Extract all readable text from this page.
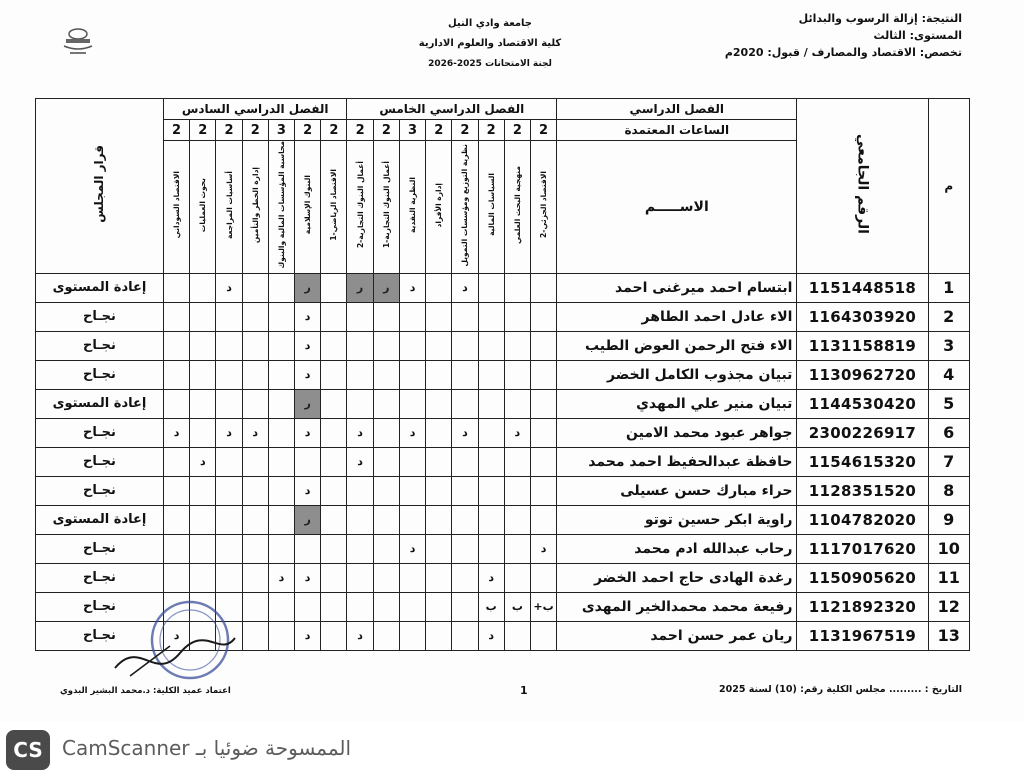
النتيجة: إزالة الرسوب والبدائل
المستوى: الثالث
تخصص: الاقتصاد والمصارف / قبول: 2020م
جامعة وادي النيل
كلية الاقتصاد والعلوم الادارية
لجنة الامتحانات 2025-2026
م	الرقم الجامعي	الفصل الدراسي	الفصل الدراسي الخامس								الفصل الدراسي السادس							قرار المجلس
		الساعات المعتمدة	2	2	2	2	2	3	2	2	2	2	3	2	2	2	2	
		الاســـــم	الاقتصاد الجزئي-2	منهجية البحث العلمي	السياسات المالية	نظرية التوزيع ومؤسسات التمويل	إدارة الأفراد	النظرية النقدية	أعمال البنوك التجارية-1	أعمال البنوك التجارية-2	الاقتصاد الرياضي-1	البنوك الإسلامية	محاسبة المؤسسات المالية والبنوك	إدارة الخطر والتأمين	أساسيات المراجعة	بحوث العمليات	الاقتصاد السوداني	
1	1151448518	ابتسام احمد ميرغنى احمد				د		د	ر	ر		ر			د			إعادة المستوى
2	1164303920	الاء عادل احمد الطاهر										د						نجـاح
3	1131158819	الاء فتح الرحمن العوض الطيب										د						نجـاح
4	1130962720	تبيان مجذوب الكامل الخضر										د						نجـاح
5	1144530420	تبيان منير علي المهدي										ر						إعادة المستوى
6	2300226917	جواهر عبود محمد الامين		د		د		د		د		د		د	د		د	نجـاح
7	1154615320	حافظة عبدالحفيظ احمد محمد								د						د		نجـاح
8	1128351520	حراء مبارك حسن عسيلى										د						نجـاح
9	1104782020	راوية ابكر حسين توتو										ر						إعادة المستوى
10	1117017620	رحاب عبدالله ادم محمد	د					د										نجـاح
11	1150905620	رغدة الهادى حاج احمد الخضر			د							د	د					نجـاح
12	1121892320	رفيعة محمد محمدالخير المهدى	ب+	ب	ب													نجـاح
13	1131967519	ريان عمر حسن احمد			د					د		د					د	نجـاح
اعتماد عميد الكلية: د.محمد البشير البدوي	1	التاريخ : ......... مجلس الكلية رقم: (10) لسنة 2025
CS الممسوحة ضوئيا بـ CamScanner
